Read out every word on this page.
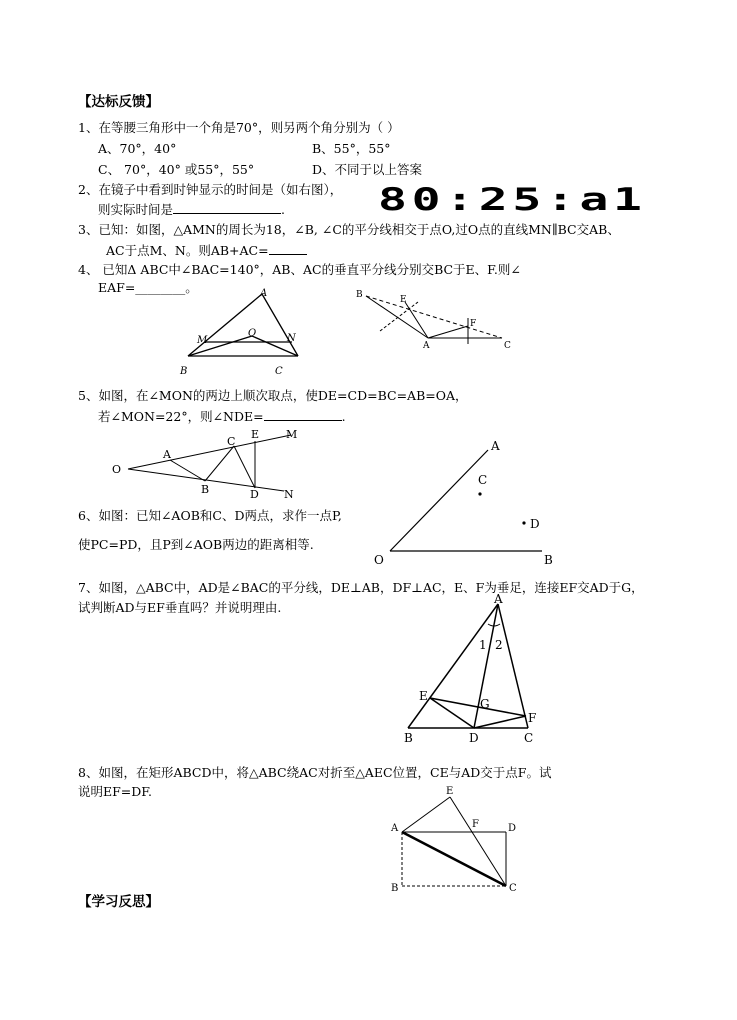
【达标反馈】
1、在等腰三角形中一个角是70°，则另两个角分别为（ ）
A、70°，40°	B、55°，55°
C、 70°，40° 或55°，55°	D、不同于以上答案
2、在镜子中看到时钟显示的时间是（如右图），
则实际时间是	.	80:25:a1
3、已知：如图，△AMN的周长为18，∠B, ∠C的平分线相交于点O,过O点的直线MN∥BC交AB、
AC于点M、N。则AB+AC=
4、 已知Δ ABC中∠BAC=140°，AB、AC的垂直平分线分别交BC于E、F.则∠
EAF=________。	A
M
O	N
B	C
B	E
F
A	C
5、如图，在∠MON的两边上顺次取点，使DE=CD=BC=AB=OA，
若∠MON=22°，则∠NDE=	.
O
A
B
C
D
E M
N
6、如图：已知∠AOB和C、D两点，求作一点P,
使PC=PD，且P到∠AOB两边的距离相等.
A
C
D
O	B
7、如图，△ABC中，AD是∠BAC的平分线，DE⊥AB，DF⊥AC，E、F为垂足，连接EF交AD于G，
试判断AD与EF垂直吗？并说明理由.
A
1 2
E
G
F
B	D	C
8、如图，在矩形ABCD中，将△ABC绕AC对折至△AEC位置，CE与AD交于点F。试
说明EF=DF.	E
A	F	D
B	C
【学习反思】
